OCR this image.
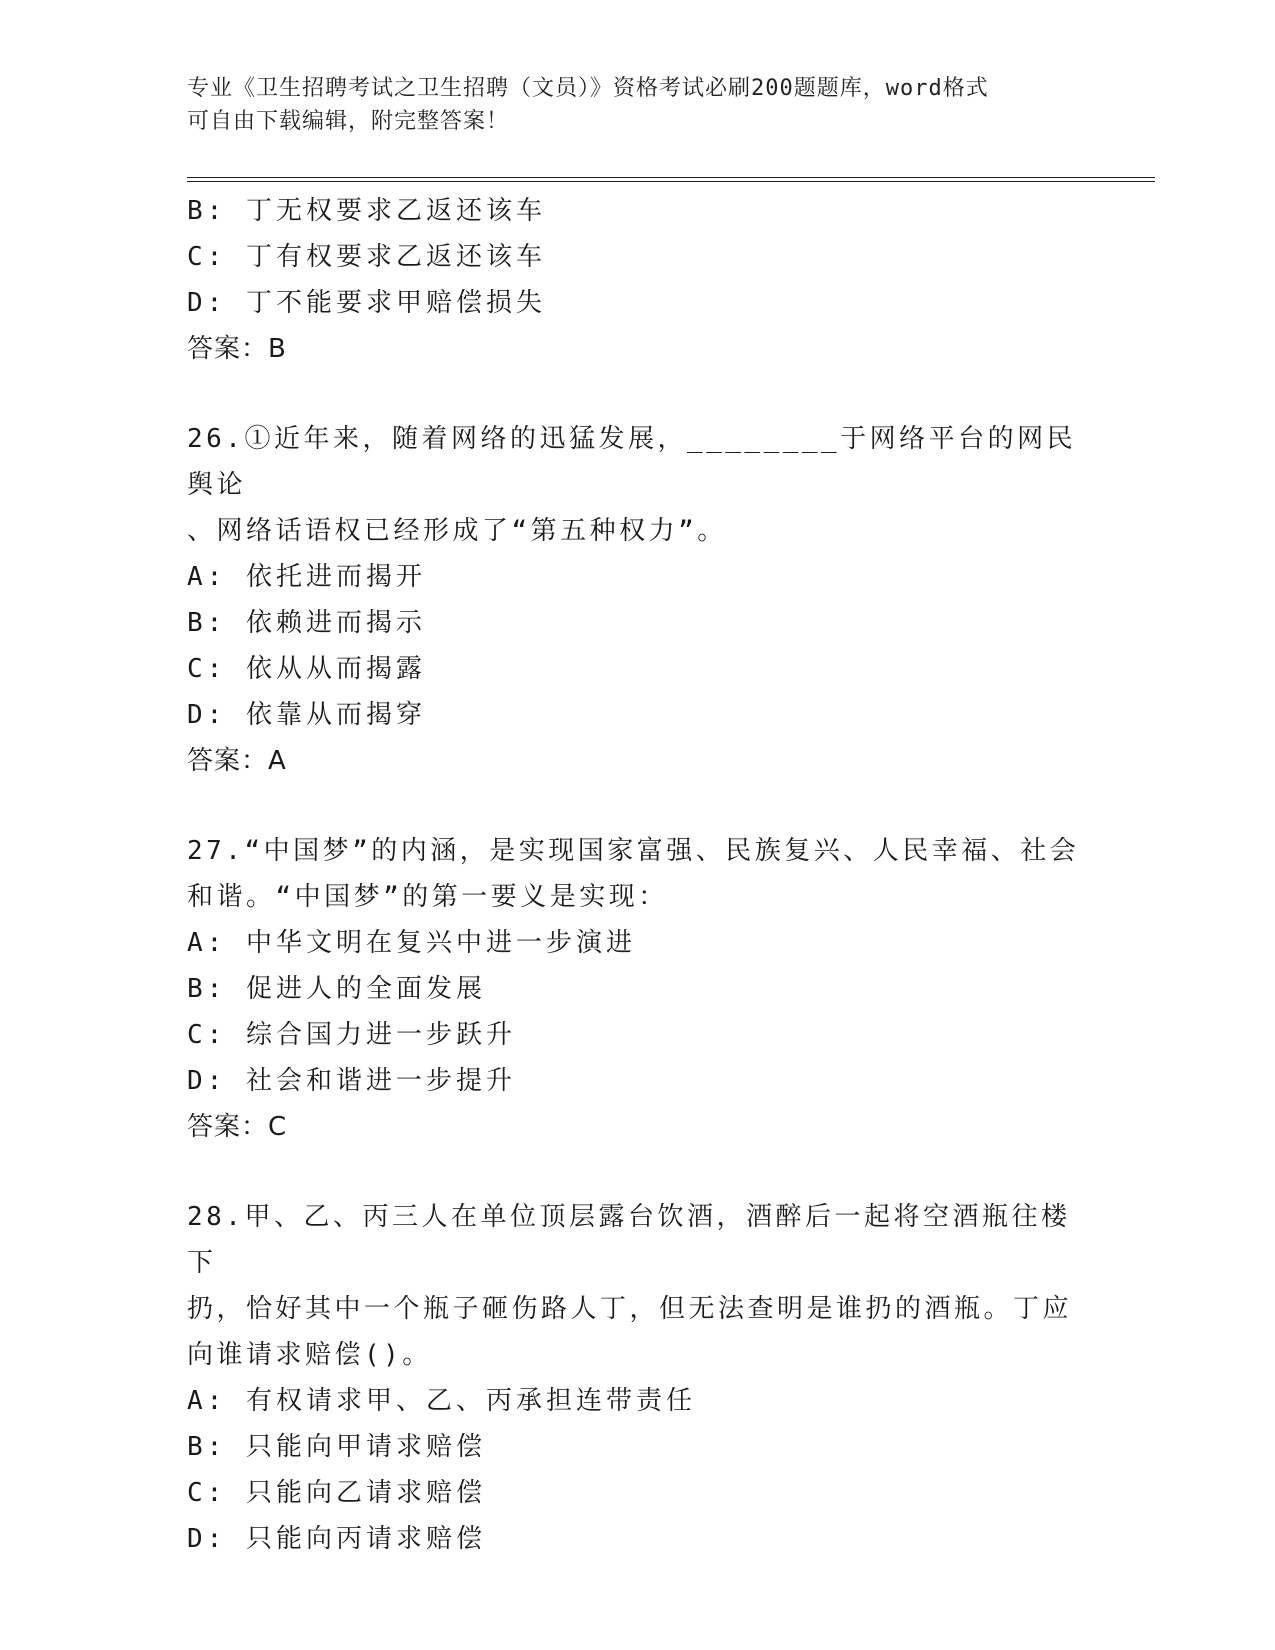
专业《卫生招聘考试之卫生招聘（文员）》资格考试必刷200题题库，word格式
可自由下载编辑，附完整答案！
B: 丁无权要求乙返还该车
C: 丁有权要求乙返还该车
D: 丁不能要求甲赔偿损失
答案：B
26.①近年来，随着网络的迅猛发展，________于网络平台的网民舆论
、网络话语权已经形成了“第五种权力”。
A: 依托进而揭开
B: 依赖进而揭示
C: 依从从而揭露
D: 依靠从而揭穿
答案：A
27.“中国梦”的内涵，是实现国家富强、民族复兴、人民幸福、社会
和谐。“中国梦”的第一要义是实现：
A: 中华文明在复兴中进一步演进
B: 促进人的全面发展
C: 综合国力进一步跃升
D: 社会和谐进一步提升
答案：C
28.甲、乙、丙三人在单位顶层露台饮酒，酒醉后一起将空酒瓶往楼下
扔，恰好其中一个瓶子砸伤路人丁，但无法查明是谁扔的酒瓶。丁应
向谁请求赔偿()。
A: 有权请求甲、乙、丙承担连带责任
B: 只能向甲请求赔偿
C: 只能向乙请求赔偿
D: 只能向丙请求赔偿
